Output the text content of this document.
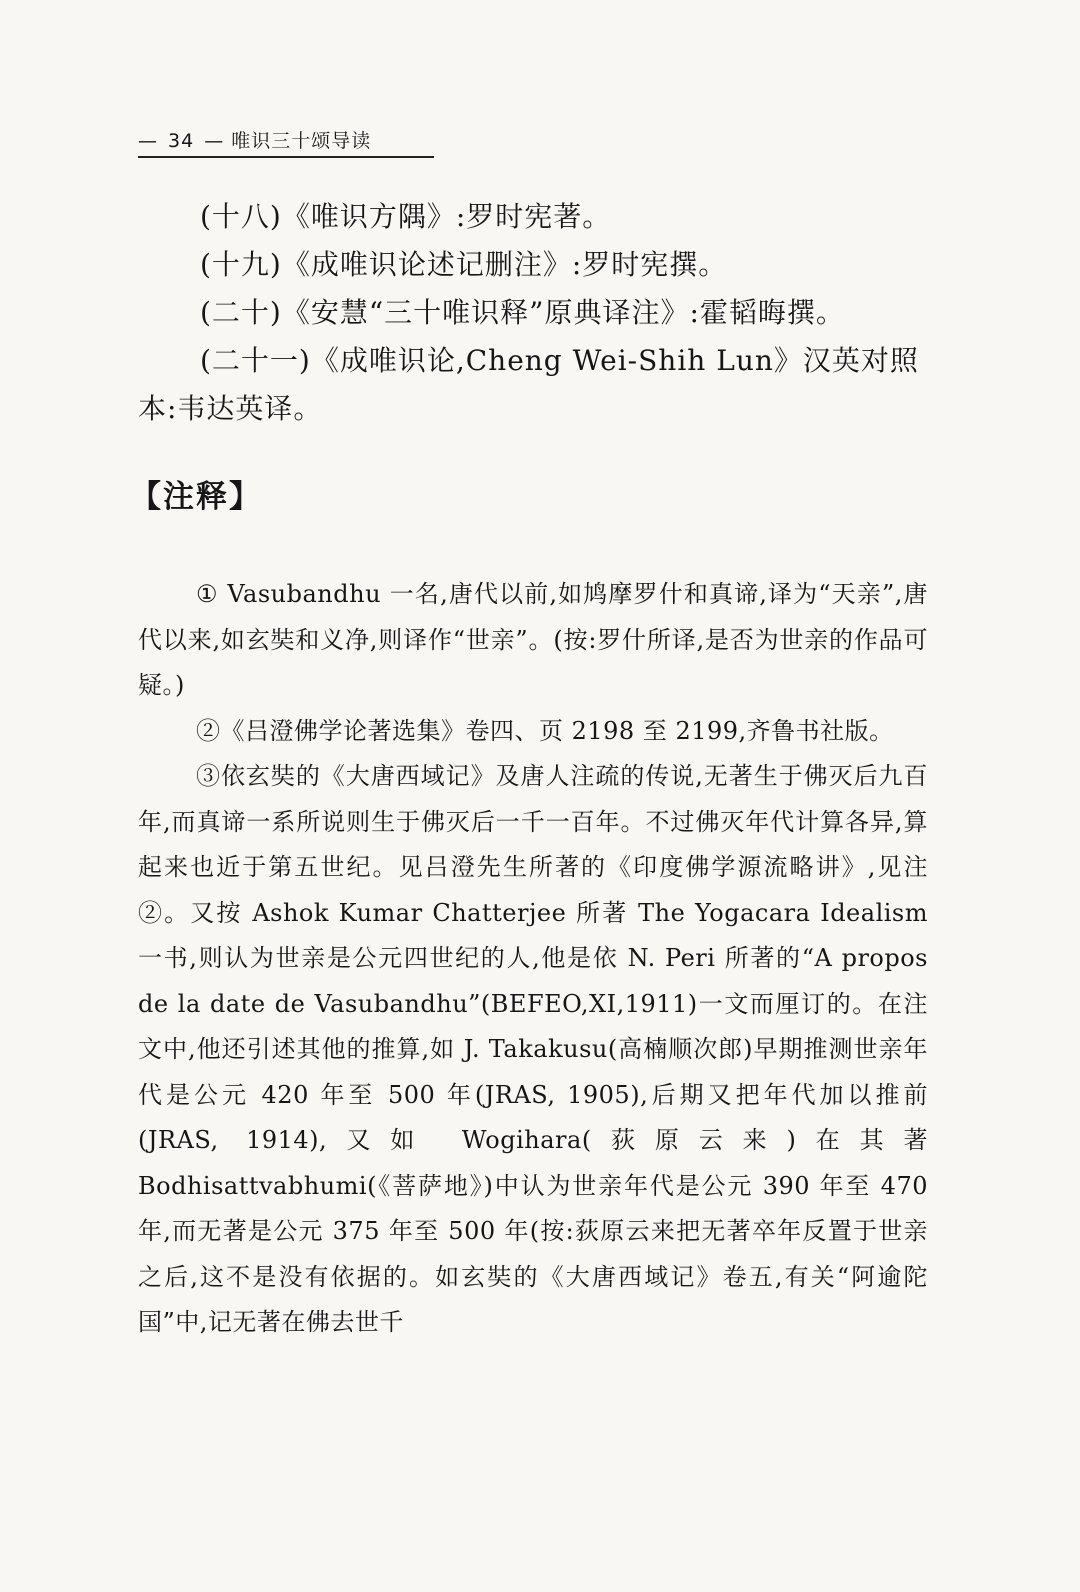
— 34 — 唯识三十颂导读

(十八)《唯识方隅》:罗时宪著。

(十九)《成唯识论述记删注》:罗时宪撰。

(二十)《安慧“三十唯识释”原典译注》:霍韬晦撰。

(二十一)《成唯识论,Cheng Wei-Shih Lun》汉英对照本:韦达英译。

【注释】

① Vasubandhu 一名,唐代以前,如鸠摩罗什和真谛,译为“天亲”,唐代以来,如玄奘和义净,则译作“世亲”。(按:罗什所译,是否为世亲的作品可疑。)

②《吕澄佛学论著选集》卷四、页 2198 至 2199,齐鲁书社版。

③依玄奘的《大唐西域记》及唐人注疏的传说,无著生于佛灭后九百年,而真谛一系所说则生于佛灭后一千一百年。不过佛灭年代计算各异,算起来也近于第五世纪。见吕澄先生所著的《印度佛学源流略讲》,见注②。又按 Ashok Kumar Chatterjee 所著 The Yogacara Idealism 一书,则认为世亲是公元四世纪的人,他是依 N. Peri 所著的“A propos de la date de Vasubandhu”(BEFEO,XI,1911)一文而厘订的。在注文中,他还引述其他的推算,如 J. Takakusu(高楠顺次郎)早期推测世亲年代是公元 420 年至 500 年(JRAS, 1905),后期又把年代加以推前(JRAS, 1914),又如 Wogihara(荻原云来)在其著 Bodhisattvabhumi(《菩萨地》)中认为世亲年代是公元 390 年至 470 年,而无著是公元 375 年至 500 年(按:荻原云来把无著卒年反置于世亲之后,这不是没有依据的。如玄奘的《大唐西域记》卷五,有关“阿逾陀国”中,记无著在佛去世千
